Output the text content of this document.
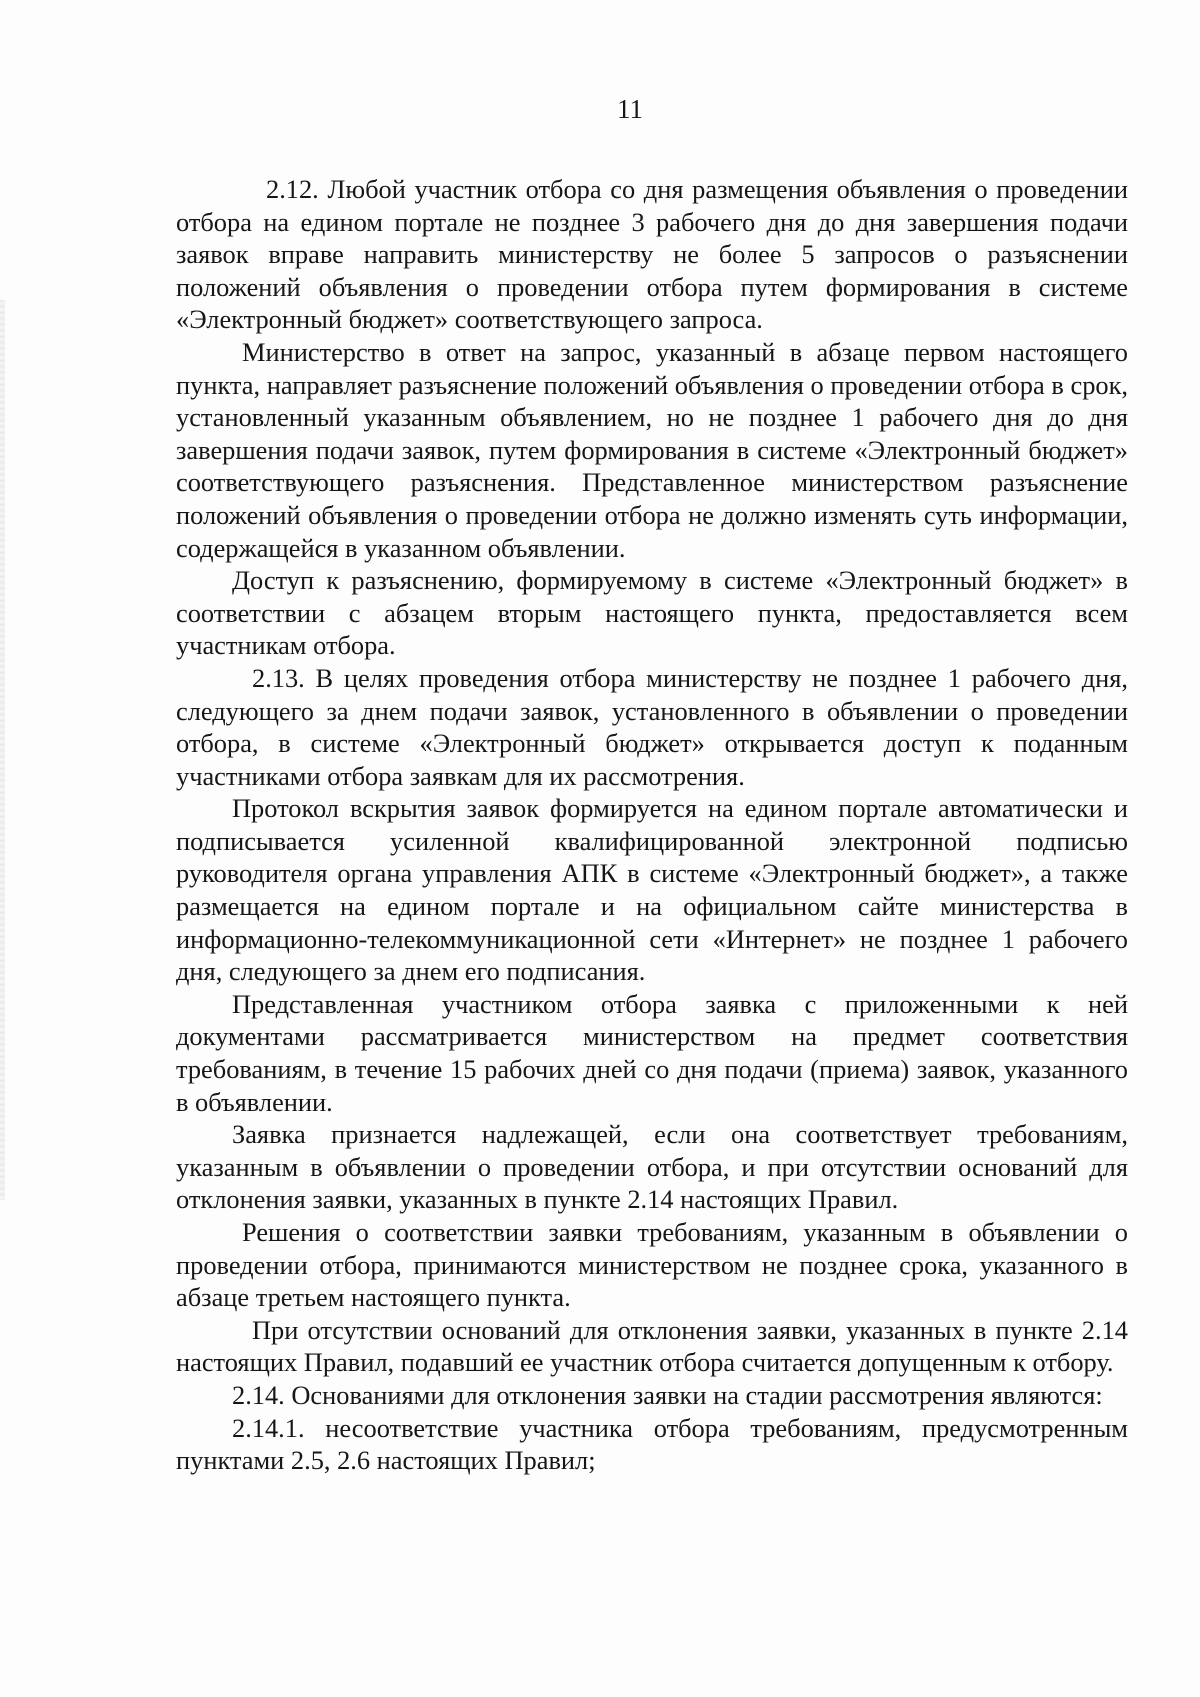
11

2.12. Любой участник отбора со дня размещения объявления о проведении отбора на едином портале не позднее 3 рабочего дня до дня завершения подачи заявок вправе направить министерству не более 5 запросов о разъяснении положений объявления о проведении отбора путем формирования в системе «Электронный бюджет» соответствующего запроса.

Министерство в ответ на запрос, указанный в абзаце первом настоящего пункта, направляет разъяснение положений объявления о проведении отбора в срок, установленный указанным объявлением, но не позднее 1 рабочего дня до дня завершения подачи заявок, путем формирования в системе «Электронный бюджет» соответствующего разъяснения. Представленное министерством разъяснение положений объявления о проведении отбора не должно изменять суть информации, содержащейся в указанном объявлении.

Доступ к разъяснению, формируемому в системе «Электронный бюджет» в соответствии с абзацем вторым настоящего пункта, предоставляется всем участникам отбора.

2.13. В целях проведения отбора министерству не позднее 1 рабочего дня, следующего за днем подачи заявок, установленного в объявлении о проведении отбора, в системе «Электронный бюджет» открывается доступ к поданным участниками отбора заявкам для их рассмотрения.

Протокол вскрытия заявок формируется на едином портале автоматически и подписывается усиленной квалифицированной электронной подписью руководителя органа управления АПК в системе «Электронный бюджет», а также размещается на едином портале и на официальном сайте министерства в информационно-телекоммуникационной сети «Интернет» не позднее 1 рабочего дня, следующего за днем его подписания.

Представленная участником отбора заявка с приложенными к ней документами рассматривается министерством на предмет соответствия требованиям, в течение 15 рабочих дней со дня подачи (приема) заявок, указанного в объявлении.

Заявка признается надлежащей, если она соответствует требованиям, указанным в объявлении о проведении отбора, и при отсутствии оснований для отклонения заявки, указанных в пункте 2.14 настоящих Правил.

Решения о соответствии заявки требованиям, указанным в объявлении о проведении отбора, принимаются министерством не позднее срока, указанного в абзаце третьем настоящего пункта.

При отсутствии оснований для отклонения заявки, указанных в пункте 2.14 настоящих Правил, подавший ее участник отбора считается допущенным к отбору.

2.14. Основаниями для отклонения заявки на стадии рассмотрения являются:

2.14.1. несоответствие участника отбора требованиям, предусмотренным пунктами 2.5, 2.6 настоящих Правил;
